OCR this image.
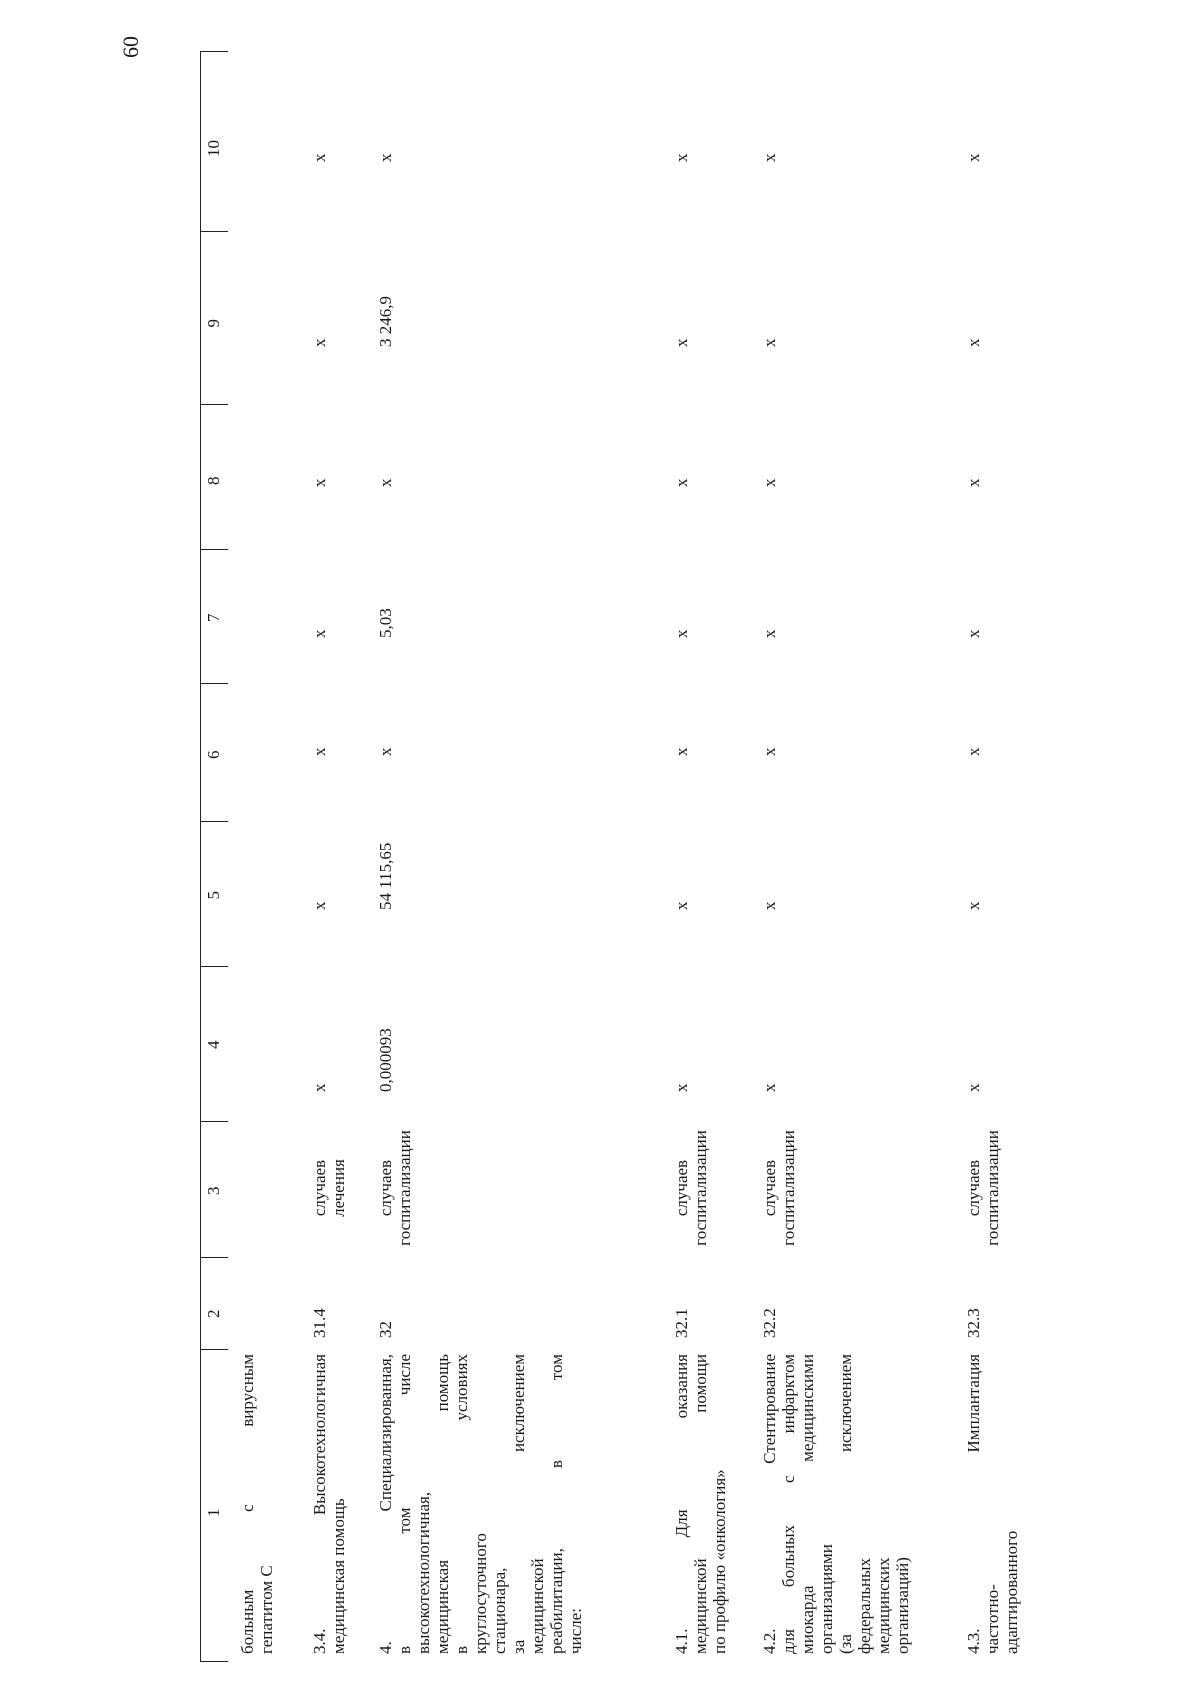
60
1
2
3
4
5
6
7
8
9
10
больным с вирусным гепатитом С 3.4. Высокотехнологичная медицинская помощь
31.4
случаев лечения
х
х
х
х
х
х
х
4. Специализированная, в том числе высокотехнологичная, медицинская помощь в условиях круглосуточного стационара, за исключением медицинской реабилитации, в том числе:
32
случаев госпитализации
0,000093
54 115,65
х
5,03
х
3 246,9
х
4.1. Для оказания медицинской помощи по профилю «онкология»
32.1
случаев госпитализации
х
х
х
х
х
х
х
4.2. Стентирование для больных с инфарктом миокарда медицинскими организациями (за исключением федеральных медицинских организаций)
32.2
случаев госпитализации
х
х
х
х
х
х
х
4.3. Имплантация частотно- адаптированного
32.3
случаев госпитализации
х
х
х
х
х
х
х
